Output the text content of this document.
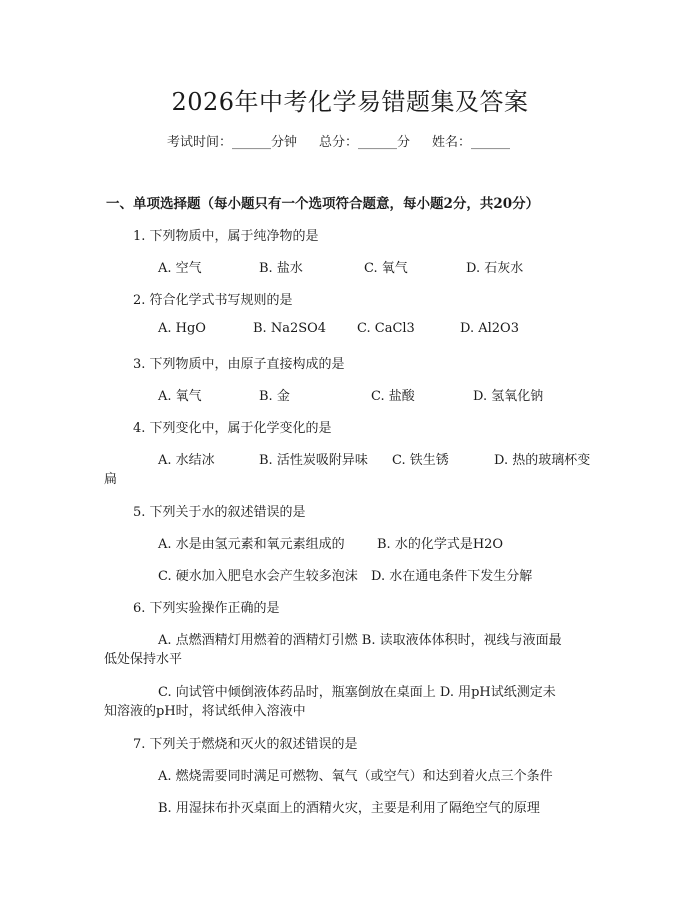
2026年中考化学易错题集及答案
考试时间：______分钟 总分：______分 姓名：______
一、单项选择题（每小题只有一个选项符合题意，每小题2分，共20分）
1. 下列物质中，属于纯净物的是
A. 空气	B. 盐水	C. 氧气	D. 石灰水
2. 符合化学式书写规则的是
A. HgO	B. Na2SO4 C. CaCl3	D. Al2O3
3. 下列物质中，由原子直接构成的是
A. 氧气	B. 金	C. 盐酸	D. 氢氧化钠
4. 下列变化中，属于化学变化的是
A. 水结冰	B. 活性炭吸附异味 C. 铁生锈	D. 热的玻璃杯变
扁
5. 下列关于水的叙述错误的是
A. 水是由氢元素和氧元素组成的 B. 水的化学式是H2O
C. 硬水加入肥皂水会产生较多泡沫 D. 水在通电条件下发生分解
6. 下列实验操作正确的是
A. 点燃酒精灯用燃着的酒精灯引燃 B. 读取液体体积时，视线与液面最
低处保持水平
C. 向试管中倾倒液体药品时，瓶塞倒放在桌面上 D. 用pH试纸测定未
知溶液的pH时，将试纸伸入溶液中
7. 下列关于燃烧和灭火的叙述错误的是
A. 燃烧需要同时满足可燃物、氧气（或空气）和达到着火点三个条件
B. 用湿抹布扑灭桌面上的酒精火灾，主要是利用了隔绝空气的原理
